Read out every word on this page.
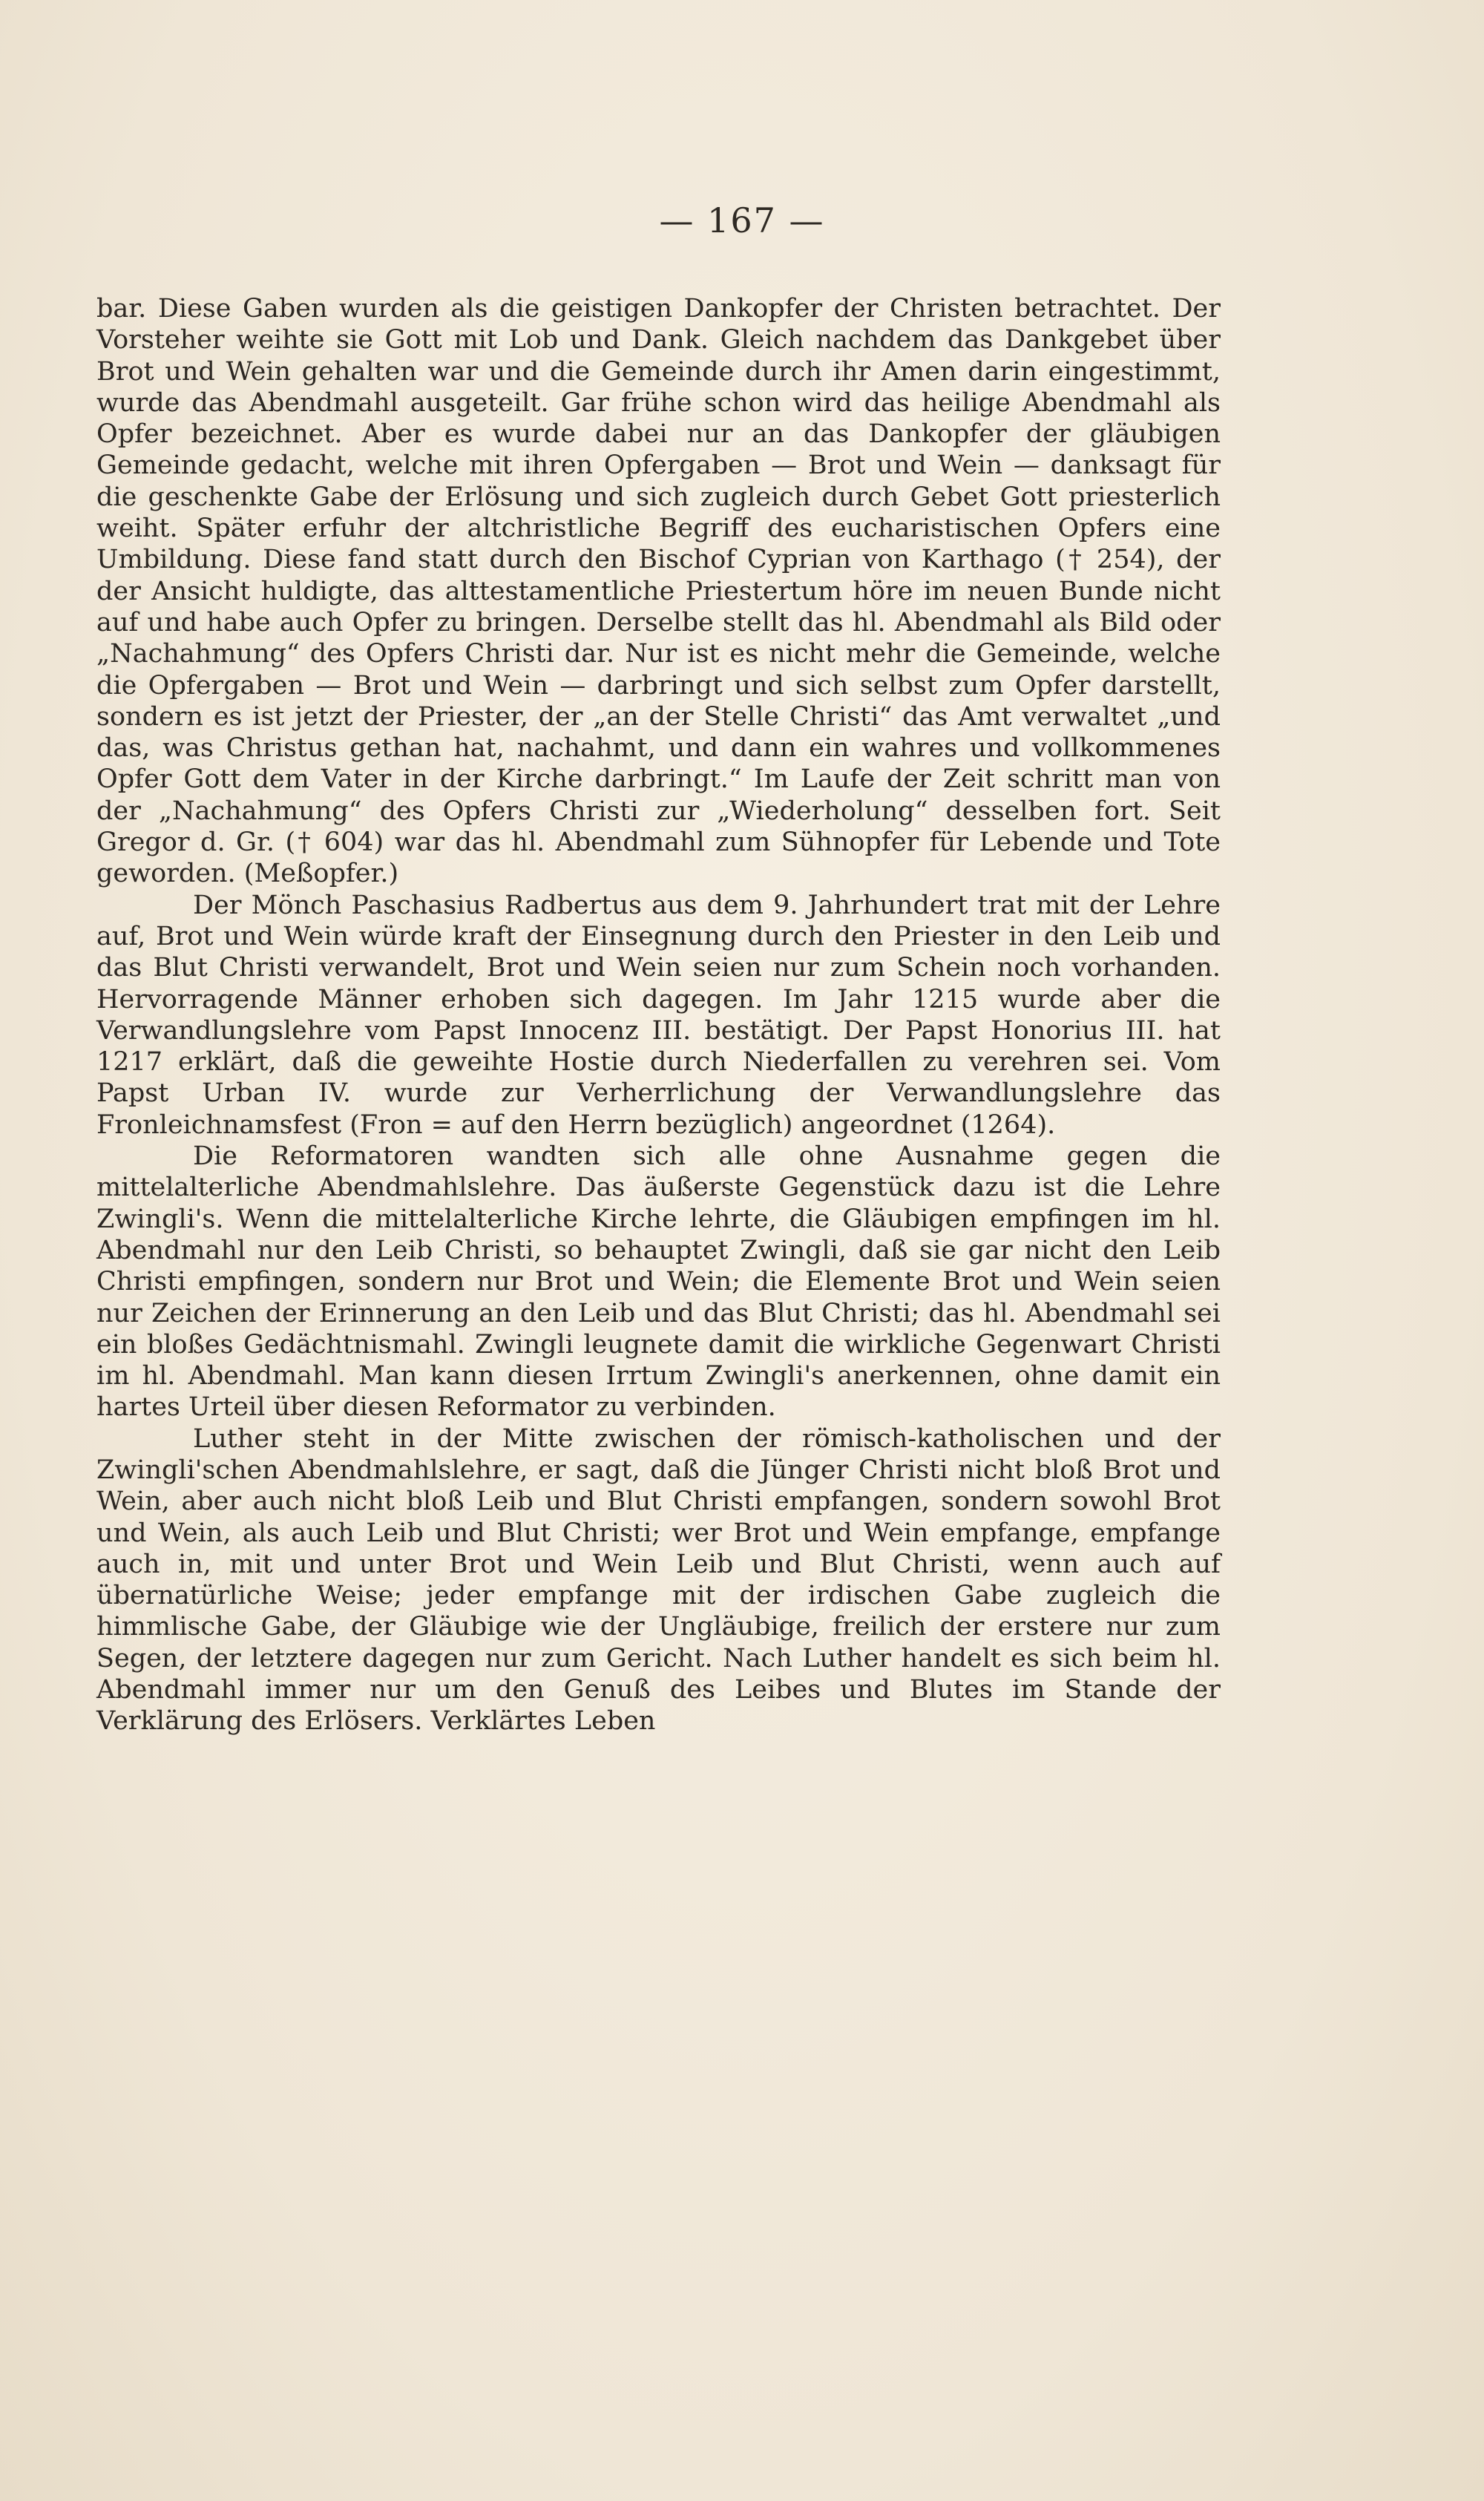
— 167 —

bar. Diese Gaben wurden als die geistigen Dankopfer der Christen betrachtet. Der Vorsteher weihte sie Gott mit Lob und Dank. Gleich nachdem das Dankgebet über Brot und Wein gehalten war und die Gemeinde durch ihr Amen darin eingestimmt, wurde das Abendmahl ausgeteilt. Gar frühe schon wird das heilige Abendmahl als Opfer bezeichnet. Aber es wurde dabei nur an das Dankopfer der gläubigen Gemeinde gedacht, welche mit ihren Opfergaben — Brot und Wein — danksagt für die geschenkte Gabe der Erlösung und sich zugleich durch Gebet Gott priesterlich weiht. Später erfuhr der altchristliche Begriff des eucharistischen Opfers eine Umbildung. Diese fand statt durch den Bischof Cyprian von Karthago († 254), der der Ansicht huldigte, das alttestamentliche Priestertum höre im neuen Bunde nicht auf und habe auch Opfer zu bringen. Derselbe stellt das hl. Abendmahl als Bild oder „Nachahmung“ des Opfers Christi dar. Nur ist es nicht mehr die Gemeinde, welche die Opfergaben — Brot und Wein — darbringt und sich selbst zum Opfer darstellt, sondern es ist jetzt der Priester, der „an der Stelle Christi“ das Amt verwaltet „und das, was Christus gethan hat, nachahmt, und dann ein wahres und vollkommenes Opfer Gott dem Vater in der Kirche darbringt.“ Im Laufe der Zeit schritt man von der „Nachahmung“ des Opfers Christi zur „Wiederholung“ desselben fort. Seit Gregor d. Gr. († 604) war das hl. Abendmahl zum Sühnopfer für Lebende und Tote geworden. (Meßopfer.)

Der Mönch Paschasius Radbertus aus dem 9. Jahrhundert trat mit der Lehre auf, Brot und Wein würde kraft der Einsegnung durch den Priester in den Leib und das Blut Christi verwandelt, Brot und Wein seien nur zum Schein noch vorhanden. Hervorragende Männer erhoben sich dagegen. Im Jahr 1215 wurde aber die Verwandlungslehre vom Papst Innocenz III. bestätigt. Der Papst Honorius III. hat 1217 erklärt, daß die geweihte Hostie durch Niederfallen zu verehren sei. Vom Papst Urban IV. wurde zur Verherrlichung der Verwandlungslehre das Fronleichnamsfest (Fron = auf den Herrn bezüglich) angeordnet (1264).

Die Reformatoren wandten sich alle ohne Ausnahme gegen die mittelalterliche Abendmahlslehre. Das äußerste Gegenstück dazu ist die Lehre Zwingli's. Wenn die mittelalterliche Kirche lehrte, die Gläubigen empfingen im hl. Abendmahl nur den Leib Christi, so behauptet Zwingli, daß sie gar nicht den Leib Christi empfingen, sondern nur Brot und Wein; die Elemente Brot und Wein seien nur Zeichen der Erinnerung an den Leib und das Blut Christi; das hl. Abendmahl sei ein bloßes Gedächtnismahl. Zwingli leugnete damit die wirkliche Gegenwart Christi im hl. Abendmahl. Man kann diesen Irrtum Zwingli's anerkennen, ohne damit ein hartes Urteil über diesen Reformator zu verbinden.

Luther steht in der Mitte zwischen der römisch-katholischen und der Zwingli'schen Abendmahlslehre, er sagt, daß die Jünger Christi nicht bloß Brot und Wein, aber auch nicht bloß Leib und Blut Christi empfangen, sondern sowohl Brot und Wein, als auch Leib und Blut Christi; wer Brot und Wein empfange, empfange auch in, mit und unter Brot und Wein Leib und Blut Christi, wenn auch auf übernatürliche Weise; jeder empfange mit der irdischen Gabe zugleich die himmlische Gabe, der Gläubige wie der Ungläubige, freilich der erstere nur zum Segen, der letztere dagegen nur zum Gericht. Nach Luther handelt es sich beim hl. Abendmahl immer nur um den Genuß des Leibes und Blutes im Stande der Verklärung des Erlösers. Verklärtes Leben
